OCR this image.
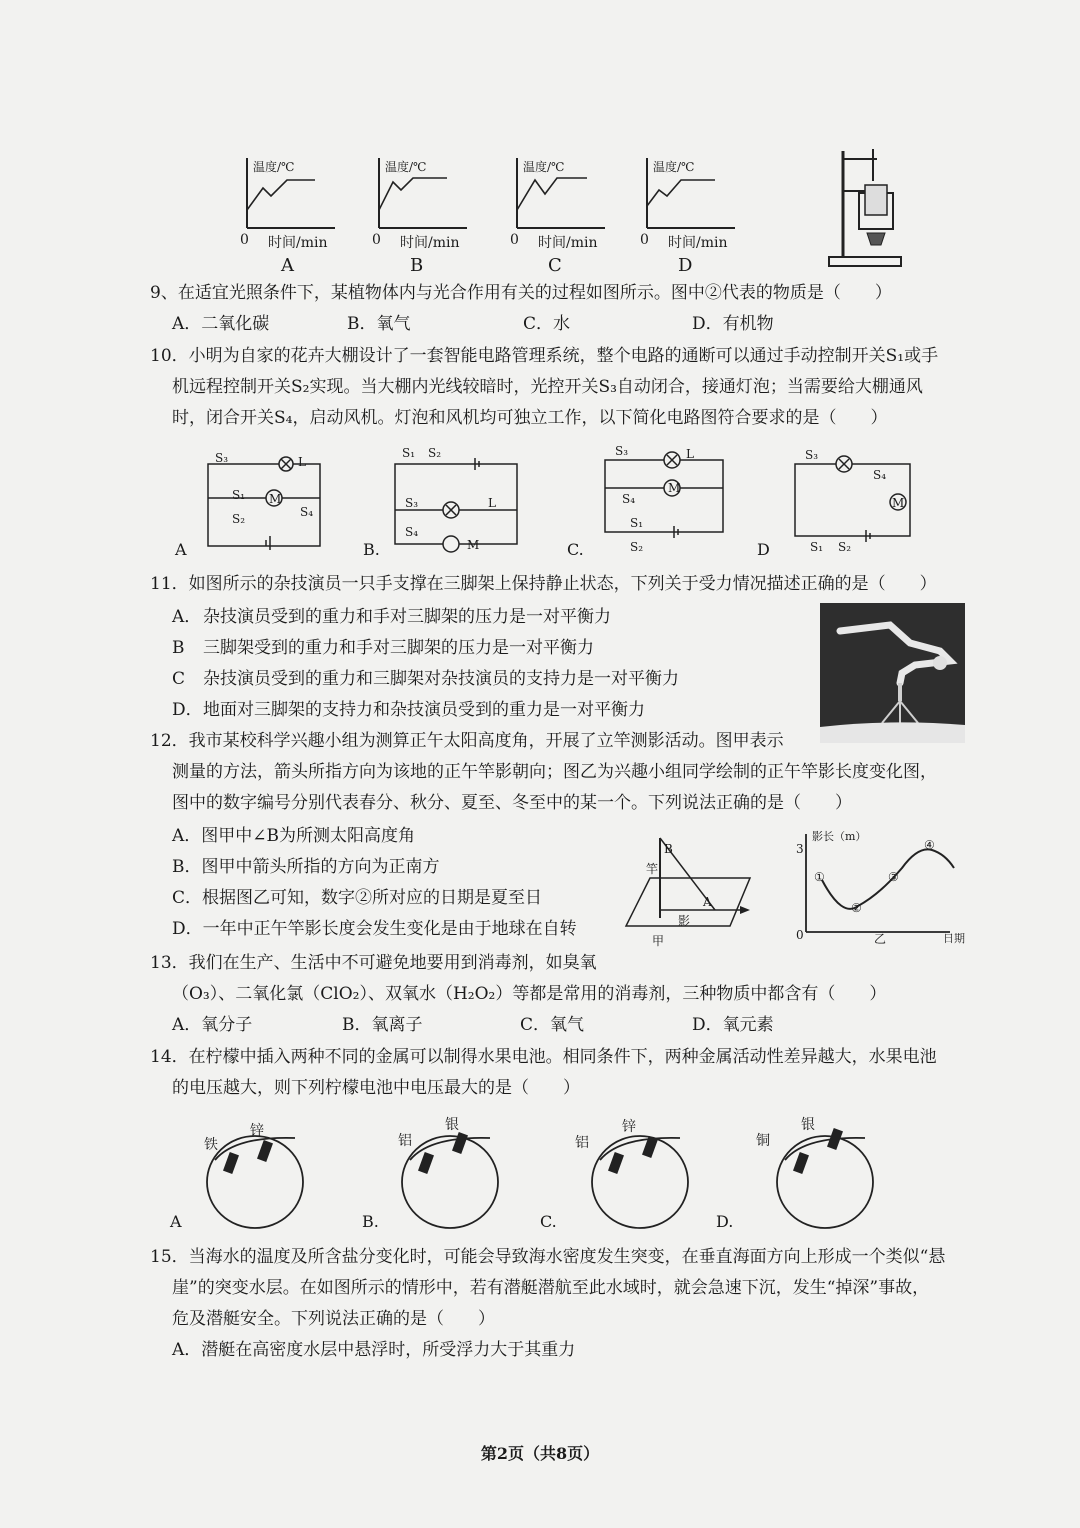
温度/℃	温度/℃	温度/℃	温度/℃
0	0	0	0
时间/min	时间/min	时间/min	时间/min
A	B	C	D
9、在适宜光照条件下，某植物体内与光合作用有关的过程如图所示。图中②代表的物质是（　　）
A．二氧化碳	B．氧气	C．水	D．有机物
10．小明为自家的花卉大棚设计了一套智能电路管理系统，整个电路的通断可以通过手动控制开关S₁或手
机远程控制开关S₂实现。当大棚内光线较暗时，光控开关S₃自动闭合，接通灯泡；当需要给大棚通风
时，闭合开关S₄，启动风机。灯泡和风机均可独立工作，以下简化电路图符合要求的是（　　）
S₃	L
S₁ M
S₂	S₄
A
S₁ S₂
S₃	L
S₄
M
B.
S₃	L
S₄
M
S₁
S₂
C.
S₃
S₄
M
S₁ S₂
D
11．如图所示的杂技演员一只手支撑在三脚架上保持静止状态，下列关于受力情况描述正确的是（　　）
A． 杂技演员受到的重力和手对三脚架的压力是一对平衡力
B 三脚架受到的重力和手对三脚架的压力是一对平衡力
C 杂技演员受到的重力和三脚架对杂技演员的支持力是一对平衡力
D． 地面对三脚架的支持力和杂技演员受到的重力是一对平衡力
12．我市某校科学兴趣小组为测算正午太阳高度角，开展了立竿测影活动。图甲表示
测量的方法，箭头所指方向为该地的正午竿影朝向；图乙为兴趣小组同学绘制的正午竿影长度变化图，
图中的数字编号分别代表春分、秋分、夏至、冬至中的某一个。下列说法正确的是（　　）
A．图甲中∠B为所测太阳高度角
B．图甲中箭头所指的方向为正南方
C．根据图乙可知，数字②所对应的日期是夏至日
D．一年中正午竿影长度会发生变化是由于地球在自转
竿
B
A
影
甲
影长（m）
3
0
①
②
③
④
乙	日期
13．我们在生产、生活中不可避免地要用到消毒剂，如臭氧
（O₃）、二氧化氯（ClO₂）、双氧水（H₂O₂）等都是常用的消毒剂，三种物质中都含有（　　）
A．氧分子	B．氧离子	C．氧气	D．氧元素
14．在柠檬中插入两种不同的金属可以制得水果电池。相同条件下，两种金属活动性差异越大，水果电池
的电压越大，则下列柠檬电池中电压最大的是（　　）
铁
锌
A
铝
银
B.
铝
锌
C.
铜
银
D.
15．当海水的温度及所含盐分变化时，可能会导致海水密度发生突变，在垂直海面方向上形成一个类似“悬
崖”的突变水层。在如图所示的情形中，若有潜艇潜航至此水域时，就会急速下沉，发生“掉深”事故，
危及潜艇安全。下列说法正确的是（　　）
A．潜艇在高密度水层中悬浮时，所受浮力大于其重力
第2页（共8页）
